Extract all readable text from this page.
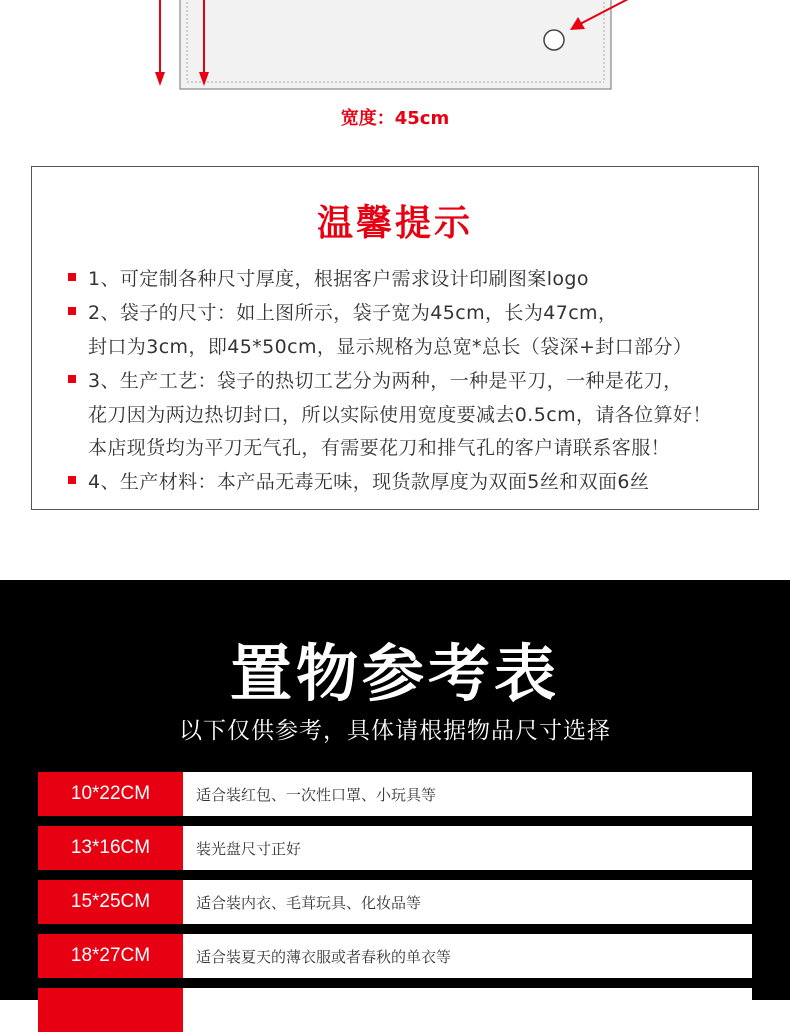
宽度：45cm
温馨提示
1、可定制各种尺寸厚度，根据客户需求设计印刷图案logo
2、袋子的尺寸：如上图所示，袋子宽为45cm，长为47cm，
封口为3cm，即45*50cm，显示规格为总宽*总长（袋深+封口部分）
3、生产工艺：袋子的热切工艺分为两种，一种是平刀，一种是花刀，
花刀因为两边热切封口，所以实际使用宽度要减去0.5cm，请各位算好！
本店现货均为平刀无气孔，有需要花刀和排气孔的客户请联系客服！
4、生产材料：本产品无毒无味，现货款厚度为双面5丝和双面6丝
置物参考表
以下仅供参考，具体请根据物品尺寸选择
10*22CM	适合装红包、一次性口罩、小玩具等
13*16CM	装光盘尺寸正好
15*25CM	适合装内衣、毛茸玩具、化妆品等
18*27CM	适合装夏天的薄衣服或者春秋的单衣等
